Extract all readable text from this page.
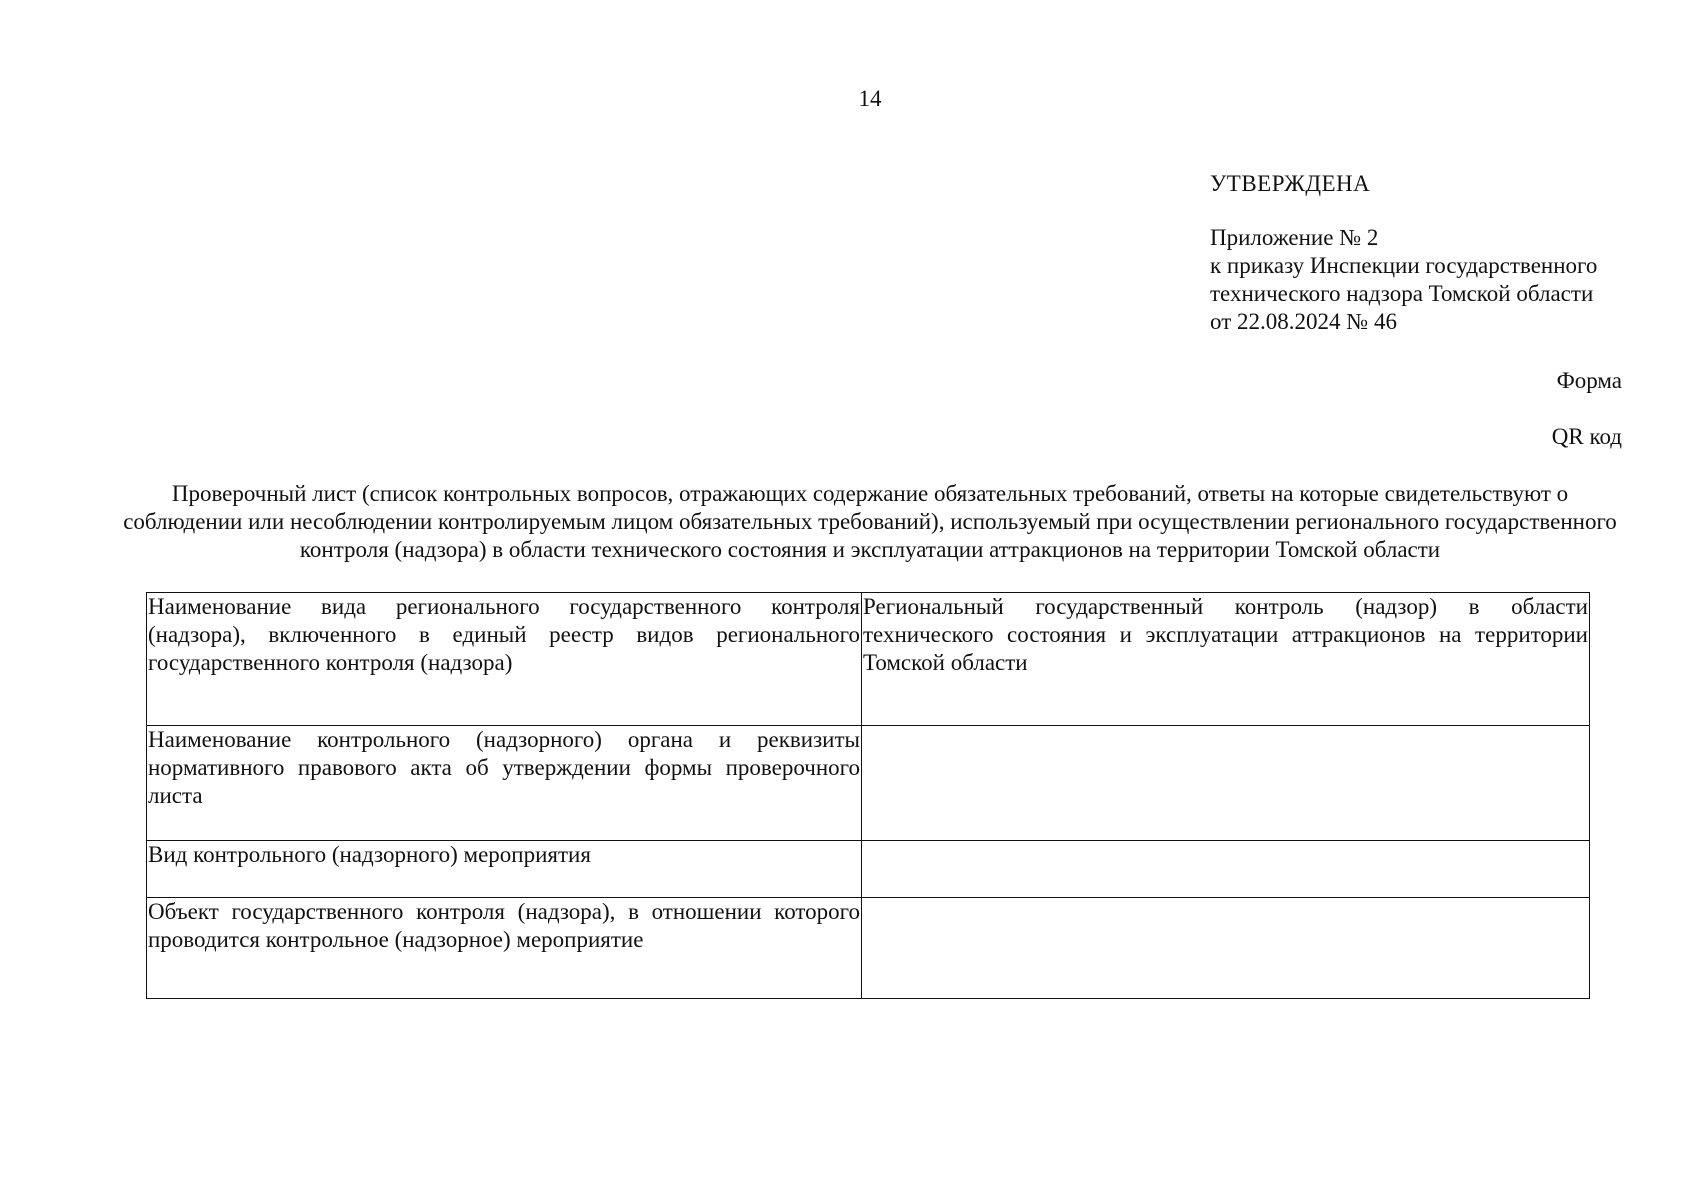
14
УТВЕРЖДЕНА
Приложение № 2
к приказу Инспекции государственного
технического надзора Томской области
от 22.08.2024 № 46
Форма
QR код
Проверочный лист (список контрольных вопросов, отражающих содержание обязательных требований, ответы на которые свидетельствуют о соблюдении или несоблюдении контролируемым лицом обязательных требований), используемый при осуществлении регионального государственного контроля (надзора) в области технического состояния и эксплуатации аттракционов на территории Томской области
Наименование вида регионального государственного контроля (надзора), включенного в единый реестр видов регионального государственного контроля (надзора)	Региональный государственный контроль (надзор) в области технического состояния и эксплуатации аттракционов на территории Томской области
Наименование контрольного (надзорного) органа и реквизиты нормативного правового акта об утверждении формы проверочного листа	
Вид контрольного (надзорного) мероприятия	
Объект государственного контроля (надзора), в отношении которого проводится контрольное (надзорное) мероприятие	
